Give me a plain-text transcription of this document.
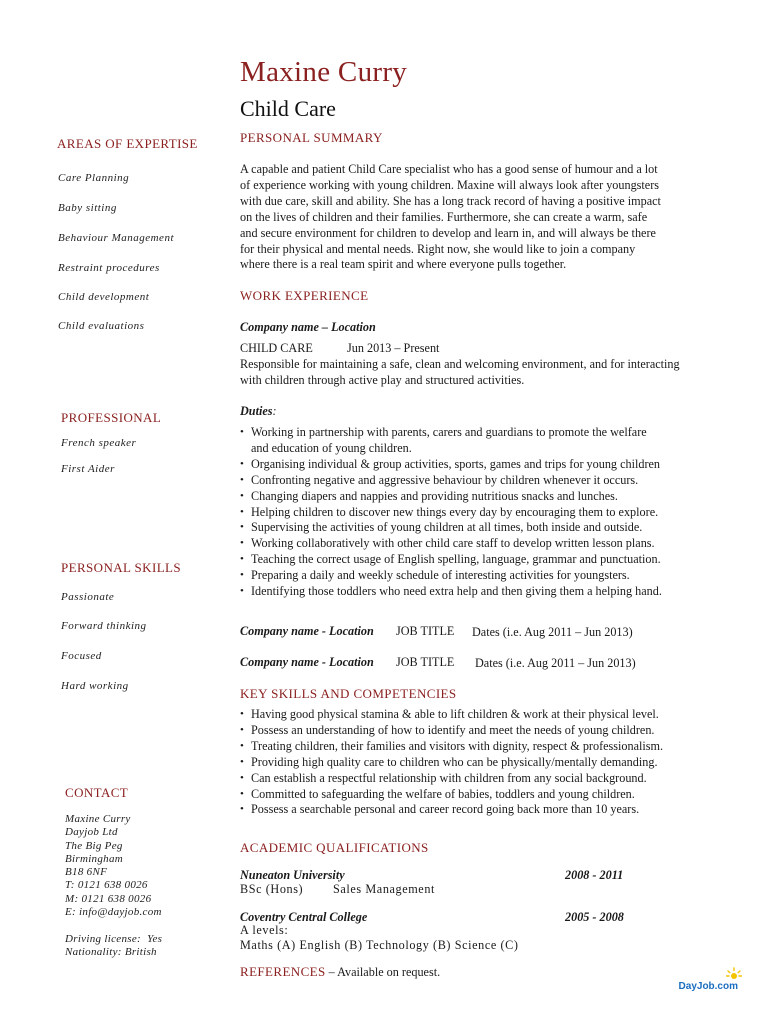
Maxine Curry
Child Care
AREAS OF EXPERTISE
Care Planning
Baby sitting
Behaviour Management
Restraint procedures
Child development
Child evaluations
PROFESSIONAL
French speaker
First Aider
PERSONAL SKILLS
Passionate
Forward thinking
Focused
Hard working
CONTACT
Maxine Curry
Dayjob Ltd
The Big Peg
Birmingham
B18 6NF
T: 0121 638 0026
M: 0121 638 0026
E: info@dayjob.com
Driving license:  Yes
Nationality: British
PERSONAL SUMMARY
A capable and patient Child Care specialist who has a good sense of humour and a lot
of experience working with young children. Maxine will always look after youngsters
with due care, skill and ability. She has a long track record of having a positive impact
on the lives of children and their families. Furthermore, she can create a warm, safe
and secure environment for children to develop and learn in, and will always be there
for their physical and mental needs. Right now, she would like to join a company
where there is a real team spirit and where everyone pulls together.
WORK EXPERIENCE
Company name – Location
CHILD CARE	Jun 2013 – Present
Responsible for maintaining a safe, clean and welcoming environment, and for interacting
with children through active play and structured activities.
Duties:
• Working in partnership with parents, carers and guardians to promote the welfare
and education of young children.
• Organising individual & group activities, sports, games and trips for young children
• Confronting negative and aggressive behaviour by children whenever it occurs.
• Changing diapers and nappies and providing nutritious snacks and lunches.
• Helping children to discover new things every day by encouraging them to explore.
• Supervising the activities of young children at all times, both inside and outside.
• Working collaboratively with other child care staff to develop written lesson plans.
• Teaching the correct usage of English spelling, language, grammar and punctuation.
• Preparing a daily and weekly schedule of interesting activities for youngsters.
• Identifying those toddlers who need extra help and then giving them a helping hand.
Company name - Location JOB TITLE Dates (i.e. Aug 2011 – Jun 2013)
Company name - Location JOB TITLE Dates (i.e. Aug 2011 – Jun 2013)
KEY SKILLS AND COMPETENCIES
• Having good physical stamina & able to lift children & work at their physical level.
• Possess an understanding of how to identify and meet the needs of young children.
• Treating children, their families and visitors with dignity, respect & professionalism.
• Providing high quality care to children who can be physically/mentally demanding.
• Can establish a respectful relationship with children from any social background.
• Committed to safeguarding the welfare of babies, toddlers and young children.
• Possess a searchable personal and career record going back more than 10 years.
ACADEMIC QUALIFICATIONS
Nuneaton University	2008 - 2011
BSc (Hons) Sales Management
Coventry Central College	2005 - 2008
A levels:
Maths (A) English (B) Technology (B) Science (C)
REFERENCES – Available on request.
DayJob.com
